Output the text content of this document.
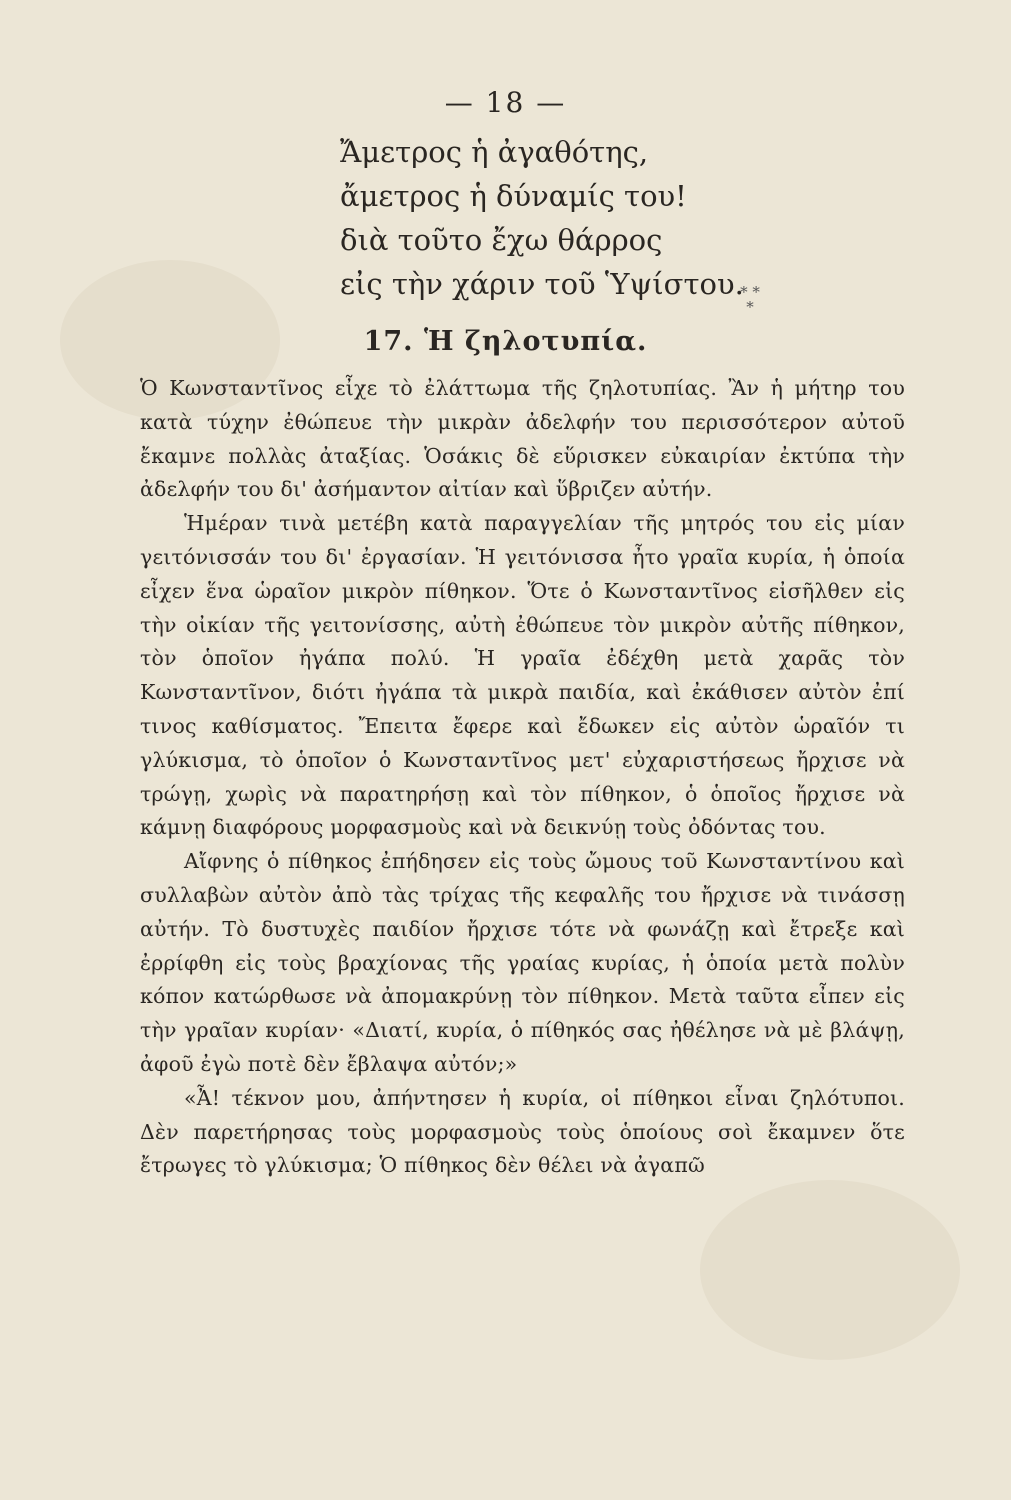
— 18 —
Ἄμετρος ἡ ἀγαθότης,
ἄμετρος ἡ δύναμίς του!
διὰ τοῦτο ἔχω θάρρος
εἰς τὴν χάριν τοῦ Ὑψίστου.
* *
*
17. Ἡ ζηλοτυπία.

Ὁ Κωνσταντῖνος εἶχε τὸ ἐλάττωμα τῆς ζηλοτυπίας. Ἂν ἡ μήτηρ του κατὰ τύχην ἐθώπευε τὴν μικρὰν ἀδελφήν του περισσότερον αὐτοῦ ἔκαμνε πολλὰς ἀταξίας. Ὁσάκις δὲ εὕρισκεν εὐκαιρίαν ἐκτύπα τὴν ἀδελφήν του δι' ἀσήμαντον αἰτίαν καὶ ὕβριζεν αὐτήν.

Ἡμέραν τινὰ μετέβη κατὰ παραγγελίαν τῆς μητρός του εἰς μίαν γειτόνισσάν του δι' ἐργασίαν. Ἡ γειτόνισσα ἦτο γραῖα κυρία, ἡ ὁποία εἶχεν ἕνα ὡραῖον μικρὸν πίθηκον. Ὅτε ὁ Κωνσταντῖνος εἰσῆλθεν εἰς τὴν οἰκίαν τῆς γειτονίσσης, αὐτὴ ἐθώπευε τὸν μικρὸν αὐτῆς πίθηκον, τὸν ὁποῖον ἠγάπα πολύ. Ἡ γραῖα ἐδέχθη μετὰ χαρᾶς τὸν Κωνσταντῖνον, διότι ἠγάπα τὰ μικρὰ παιδία, καὶ ἐκάθισεν αὐτὸν ἐπί τινος καθίσματος. Ἔπειτα ἔφερε καὶ ἔδωκεν εἰς αὐτὸν ὡραῖόν τι γλύκισμα, τὸ ὁποῖον ὁ Κωνσταντῖνος μετ' εὐχαριστήσεως ἤρχισε νὰ τρώγῃ, χωρὶς νὰ παρατηρήσῃ καὶ τὸν πίθηκον, ὁ ὁποῖος ἤρχισε νὰ κάμνῃ διαφόρους μορφασμοὺς καὶ νὰ δεικνύῃ τοὺς ὀδόντας του.

Αἴφνης ὁ πίθηκος ἐπήδησεν εἰς τοὺς ὤμους τοῦ Κωνσταντίνου καὶ συλλαβὼν αὐτὸν ἀπὸ τὰς τρίχας τῆς κεφαλῆς του ἤρχισε νὰ τινάσσῃ αὐτήν. Τὸ δυστυχὲς παιδίον ἤρχισε τότε νὰ φωνάζῃ καὶ ἔτρεξε καὶ ἐρρίφθη εἰς τοὺς βραχίονας τῆς γραίας κυρίας, ἡ ὁποία μετὰ πολὺν κόπον κατώρθωσε νὰ ἀπομακρύνῃ τὸν πίθηκον. Μετὰ ταῦτα εἶπεν εἰς τὴν γραῖαν κυρίαν· «Διατί, κυρία, ὁ πίθηκός σας ἠθέλησε νὰ μὲ βλάψῃ, ἀφοῦ ἐγὼ ποτὲ δὲν ἔβλαψα αὐτόν;»

«Ἆ! τέκνον μου, ἀπήντησεν ἡ κυρία, οἱ πίθηκοι εἶναι ζηλότυποι. Δὲν παρετήρησας τοὺς μορφασμοὺς τοὺς ὁποίους σοὶ ἔκαμνεν ὅτε ἔτρωγες τὸ γλύκισμα; Ὁ πίθηκος δὲν θέλει νὰ ἀγαπῶ
